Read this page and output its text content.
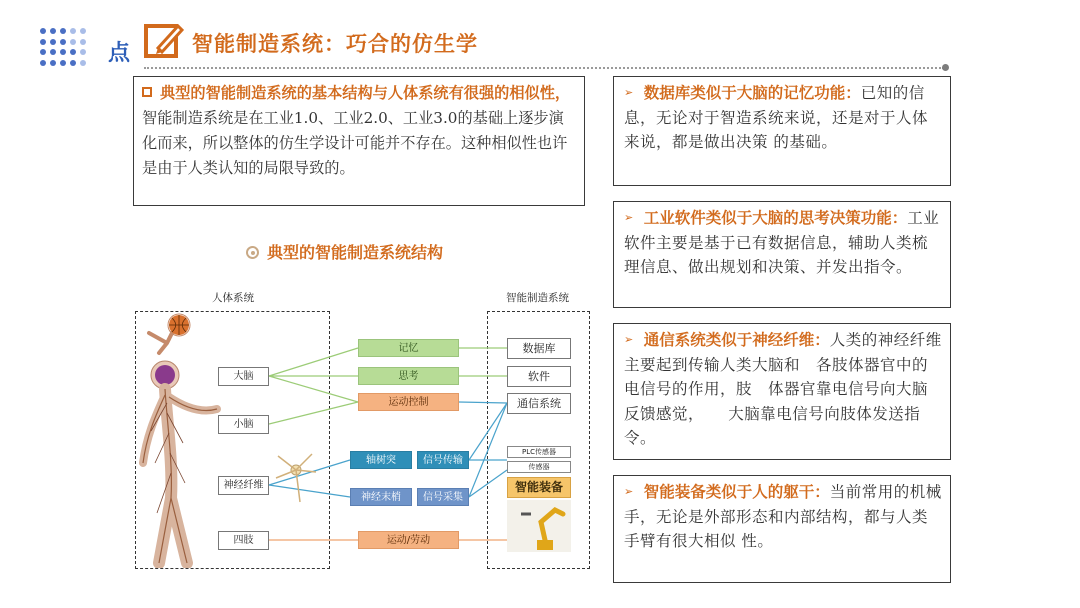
点	智能制造系统：巧合的仿生学

典型的智能制造系统的基本结构与人体系统有很强的相似性，智能制造系统是在工业1.0、工业2.0、工业3.0的基础上逐步演化而来，所以整体的仿生学设计可能并不存在。这种相似性也许是由于人类认知的局限导致的。

典型的智能制造系统结构
人体系统	智能制造系统
大脑
小脑
神经纤维
四肢
记忆
思考
运动控制
轴树突	信号传输
神经末梢	信号采集
运动/劳动
数据库
软件
通信系统
PLC传感器
传感器
智能装备

➢ 数据库类似于大脑的记忆功能：已知的信息，无论对于智造系统来说，还是对于人体来说，都是做出决策 的基础。

➢ 工业软件类似于大脑的思考决策功能：工业软件主要是基于已有数据信息，辅助人类梳理信息、做出规划和决策、并发出指令。

➢ 通信系统类似于神经纤维：人类的神经纤维主要起到传输人类大脑和　各肢体器官中的电信号的作用，肢　体器官靠电信号向大脑反馈感觉，　　大脑靠电信号向肢体发送指令。

➢ 智能装备类似于人的躯干：当前常用的机械手，无论是外部形态和内部结构，都与人类手臂有很大相似 性。
